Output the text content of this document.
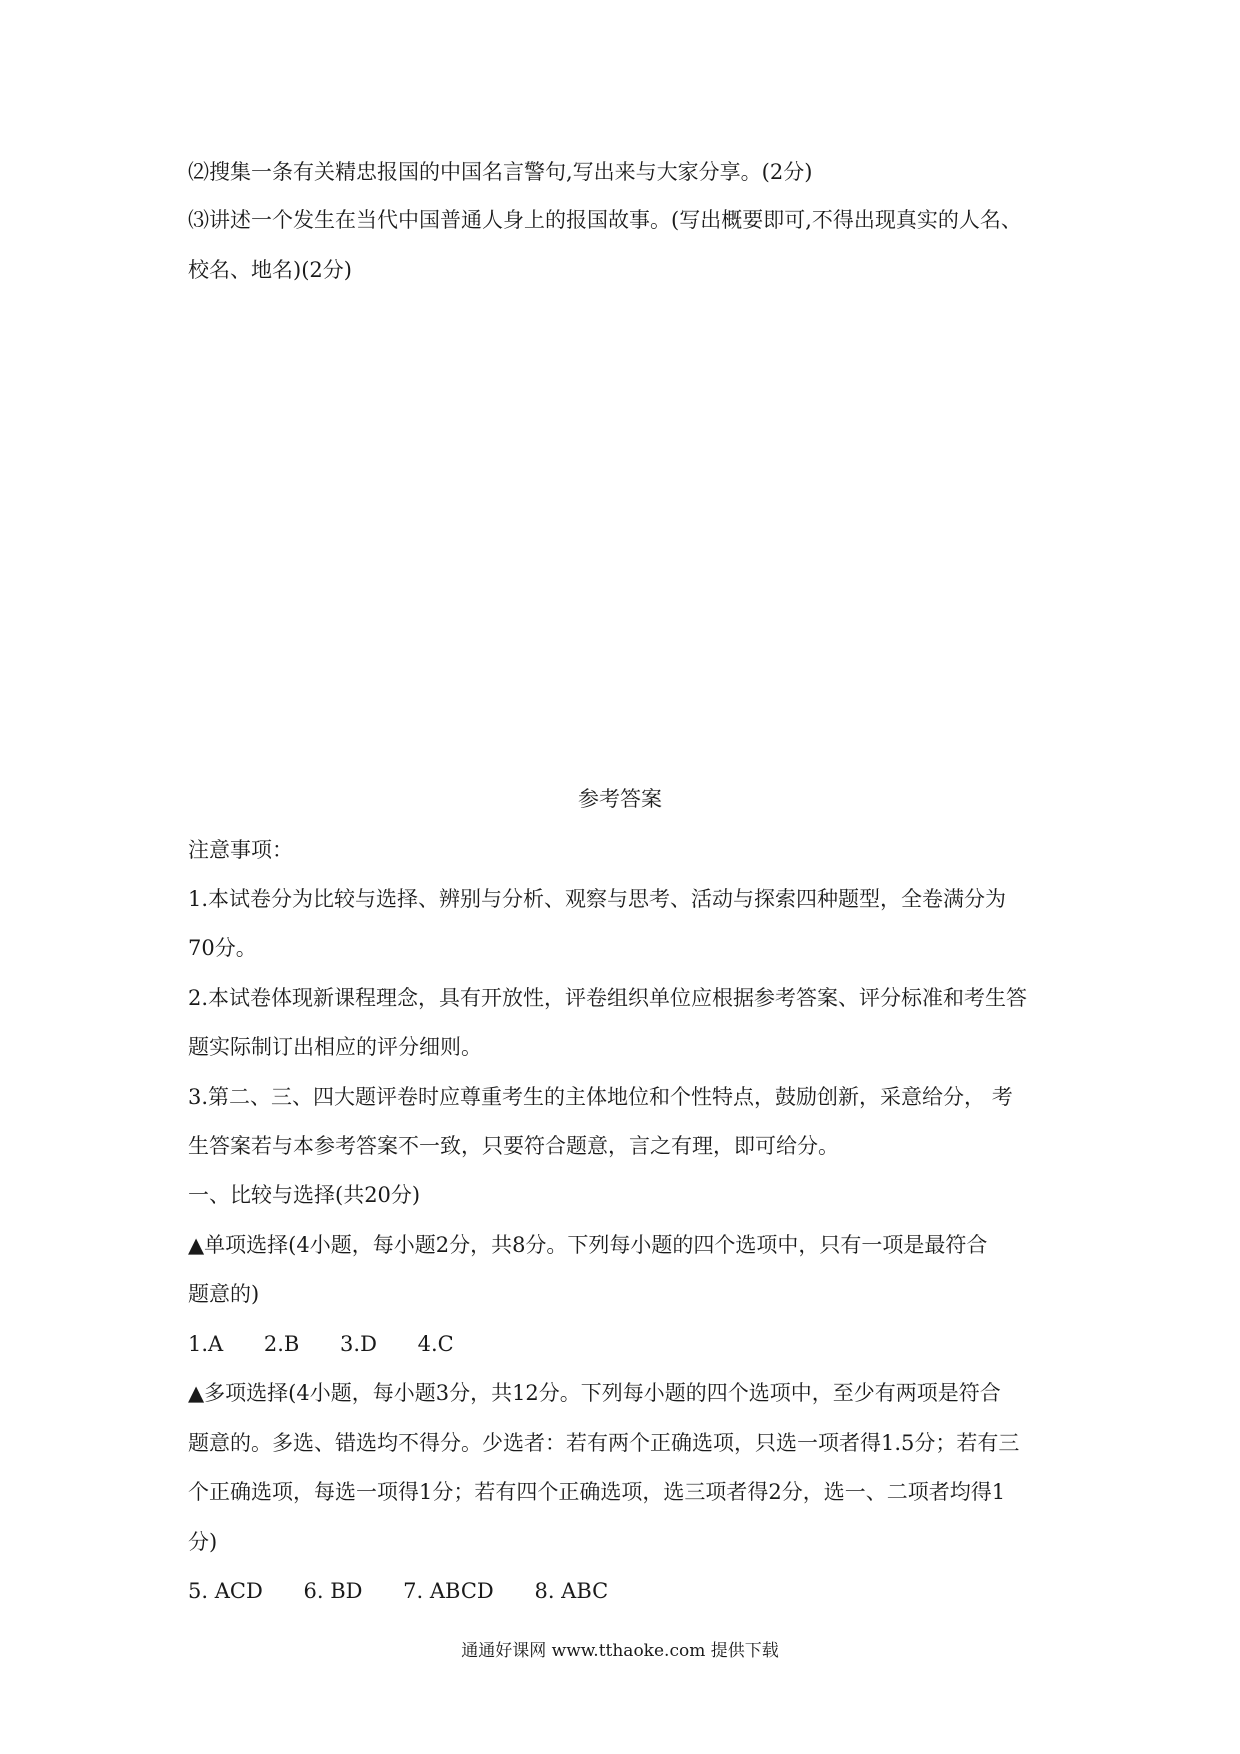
⑵搜集一条有关精忠报国的中国名言警句,写出来与大家分享。(2分)
⑶讲述一个发生在当代中国普通人身上的报国故事。(写出概要即可,不得出现真实的人名、
校名、地名)(2分)
参考答案
注意事项：
1.本试卷分为比较与选择、辨别与分析、观察与思考、活动与探索四种题型，全卷满分为
70分。
2.本试卷体现新课程理念，具有开放性，评卷组织单位应根据参考答案、评分标准和考生答
题实际制订出相应的评分细则。
3.第二、三、四大题评卷时应尊重考生的主体地位和个性特点，鼓励创新，采意给分， 考
生答案若与本参考答案不一致，只要符合题意，言之有理，即可给分。
一、比较与选择(共20分)
▲单项选择(4小题，每小题2分，共8分。下列每小题的四个选项中，只有一项是最符合
题意的)
1.A 2.B 3.D 4.C
▲多项选择(4小题，每小题3分，共12分。下列每小题的四个选项中，至少有两项是符合
题意的。多选、错选均不得分。少选者：若有两个正确选项，只选一项者得1.5分；若有三
个正确选项，每选一项得1分；若有四个正确选项，选三项者得2分，选一、二项者均得1
分)
5. ACD 6. BD 7. ABCD 8. ABC
通通好课网 www.tthaoke.com 提供下载
